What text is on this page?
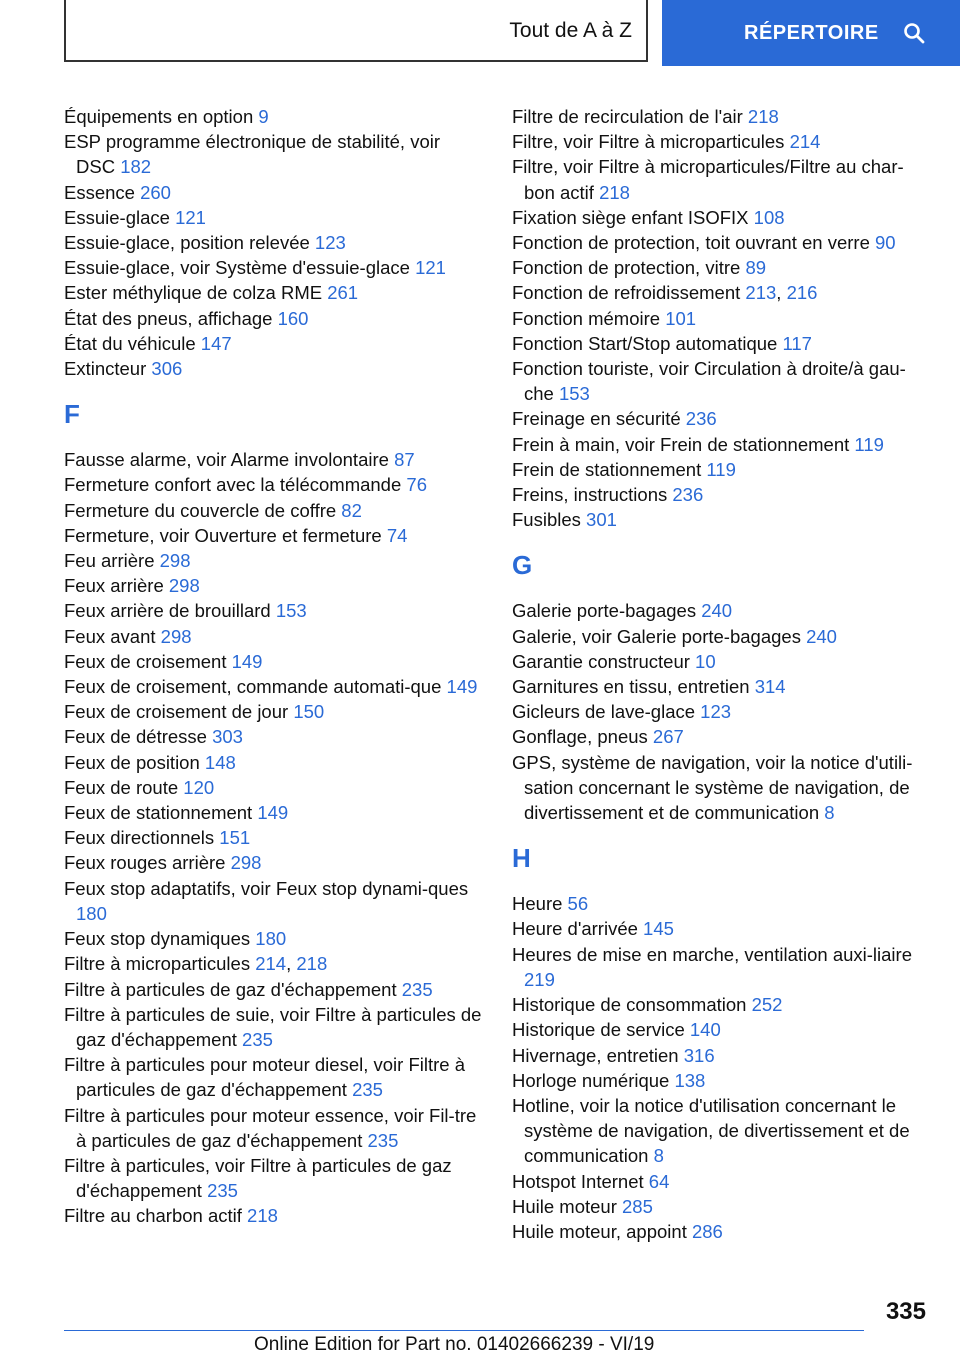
Tout de A à Z	RÉPERTOIRE

Équipements en option 9

ESP programme électronique de stabilité, voir DSC 182

Essence 260

Essuie-glace 121

Essuie-glace, position relevée 123

Essuie-glace, voir Système d'essuie-glace 121

Ester méthylique de colza RME 261

État des pneus, affichage 160

État du véhicule 147

Extincteur 306

F

Fausse alarme, voir Alarme involontaire 87

Fermeture confort avec la télécommande 76

Fermeture du couvercle de coffre 82

Fermeture, voir Ouverture et fermeture 74

Feu arrière 298

Feux arrière 298

Feux arrière de brouillard 153

Feux avant 298

Feux de croisement 149

Feux de croisement, commande automati‐que 149

Feux de croisement de jour 150

Feux de détresse 303

Feux de position 148

Feux de route 120

Feux de stationnement 149

Feux directionnels 151

Feux rouges arrière 298

Feux stop adaptatifs, voir Feux stop dynami‐ques 180

Feux stop dynamiques 180

Filtre à microparticules 214, 218

Filtre à particules de gaz d'échappement 235

Filtre à particules de suie, voir Filtre à particules de gaz d'échappement 235

Filtre à particules pour moteur diesel, voir Filtre à particules de gaz d'échappement 235

Filtre à particules pour moteur essence, voir Fil‐tre à particules de gaz d'échappement 235

Filtre à particules, voir Filtre à particules de gaz d'échappement 235

Filtre au charbon actif 218

Filtre de recirculation de l'air 218

Filtre, voir Filtre à microparticules 214

Filtre, voir Filtre à microparticules/Filtre au char‐bon actif 218

Fixation siège enfant ISOFIX 108

Fonction de protection, toit ouvrant en verre 90

Fonction de protection, vitre 89

Fonction de refroidissement 213, 216

Fonction mémoire 101

Fonction Start/Stop automatique 117

Fonction touriste, voir Circulation à droite/à gau‐che 153

Freinage en sécurité 236

Frein à main, voir Frein de stationnement 119

Frein de stationnement 119

Freins, instructions 236

Fusibles 301

G

Galerie porte-bagages 240

Galerie, voir Galerie porte-bagages 240

Garantie constructeur 10

Garnitures en tissu, entretien 314

Gicleurs de lave-glace 123

Gonflage, pneus 267

GPS, système de navigation, voir la notice d'utili‐sation concernant le système de navigation, de divertissement et de communication 8

H

Heure 56

Heure d'arrivée 145

Heures de mise en marche, ventilation auxi‐liaire 219

Historique de consommation 252

Historique de service 140

Hivernage, entretien 316

Horloge numérique 138

Hotline, voir la notice d'utilisation concernant le système de navigation, de divertissement et de communication 8

Hotspot Internet 64

Huile moteur 285

Huile moteur, appoint 286

335
Online Edition for Part no. 01402666239 - VI/19
